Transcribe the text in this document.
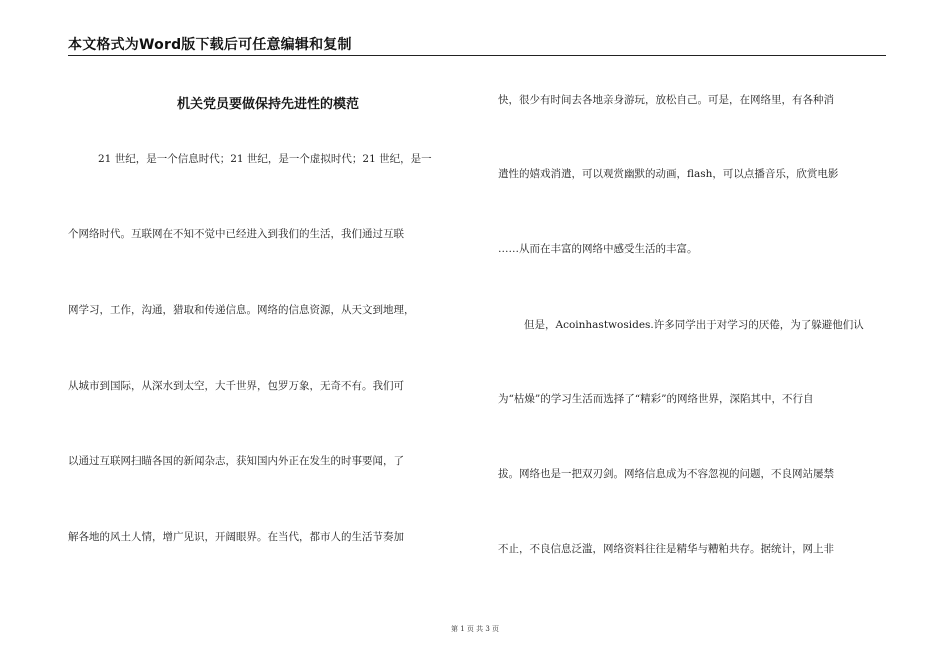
本文格式为Word版下载后可任意编辑和复制
机关党员要做保持先进性的模范
21 世纪，是一个信息时代；21 世纪，是一个虚拟时代；21 世纪，是一
个网络时代。互联网在不知不觉中已经进入到我们的生活，我们通过互联
网学习，工作，沟通，猎取和传递信息。网络的信息资源，从天文到地理，
从城市到国际，从深水到太空，大千世界，包罗万象，无奇不有。我们可
以通过互联网扫瞄各国的新闻杂志，获知国内外正在发生的时事要闻，了
解各地的风土人情，增广见识，开阔眼界。在当代，都市人的生活节奏加
快，很少有时间去各地亲身游玩，放松自己。可是，在网络里，有各种消
遣性的嬉戏消遣，可以观赏幽默的动画，flash，可以点播音乐，欣赏电影
……从而在丰富的网络中感受生活的丰富。
但是，Acoinhastwosides.许多同学出于对学习的厌倦，为了躲避他们认
为“枯燥”的学习生活而选择了“精彩”的网络世界，深陷其中，不行自
拔。网络也是一把双刃剑。网络信息成为不容忽视的问题，不良网站屡禁
不止，不良信息泛滥，网络资料往往是精华与糟粕共存。据统计，网上非
第 1 页 共 3 页
